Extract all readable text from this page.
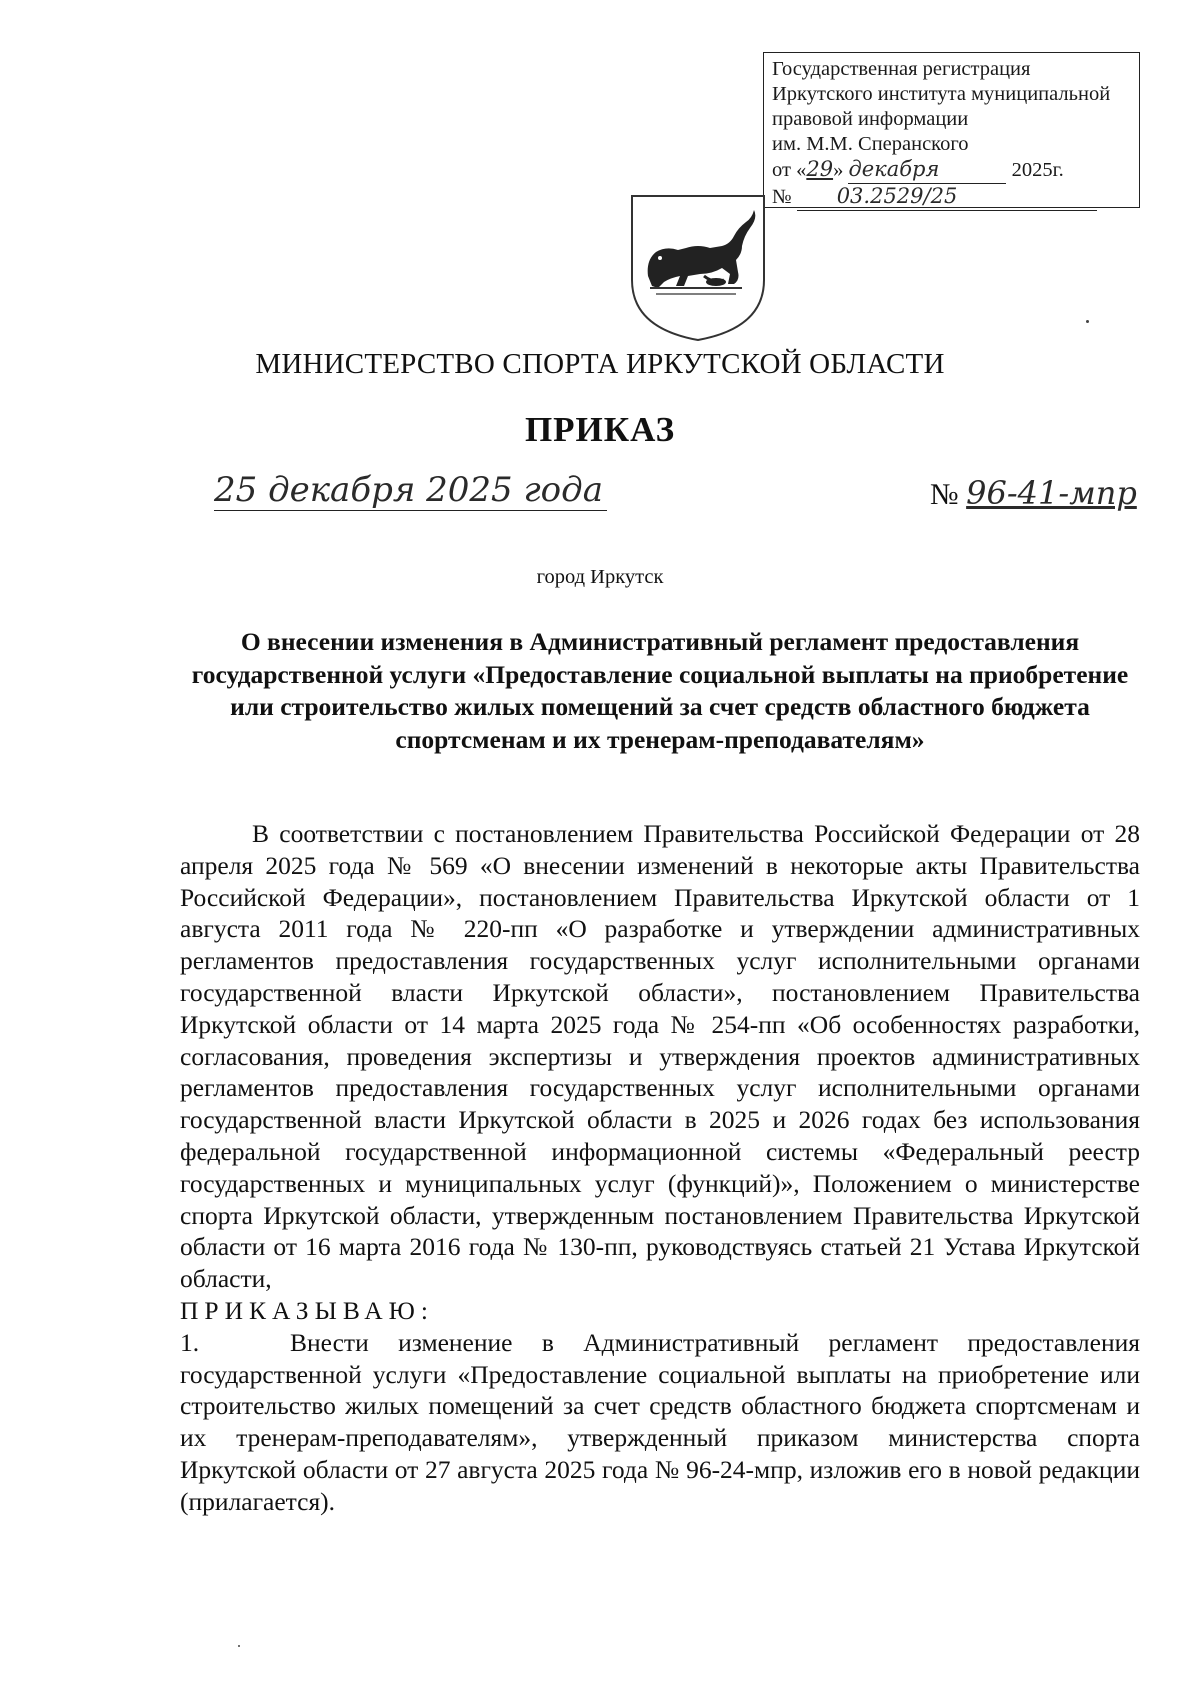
Государственная регистрация
Иркутского института муниципальной
правовой информации
им. М.М. Сперанского
от «29» декабря	2025г.
№ 03.2529/25
МИНИСТЕРСТВО СПОРТА ИРКУТСКОЙ ОБЛАСТИ
ПРИКАЗ
25 декабря 2025 года	№ 96-41-мпр
город Иркутск
О внесении изменения в Административный регламент предоставления государственной услуги «Предоставление социальной выплаты на приобретение или строительство жилых помещений за счет средств областного бюджета спортсменам и их тренерам-преподавателям»

В соответствии с постановлением Правительства Российской Федерации от 28 апреля 2025 года № 569 «О внесении изменений в некоторые акты Правительства Российской Федерации», постановлением Правительства Иркутской области от 1 августа 2011 года № 220-пп «О разработке и утверждении административных регламентов предоставления государственных услуг исполнительными органами государственной власти Иркутской области», постановлением Правительства Иркутской области от 14 марта 2025 года № 254-пп «Об особенностях разработки, согласования, проведения экспертизы и утверждения проектов административных регламентов предоставления государственных услуг исполнительными органами государственной власти Иркутской области в 2025 и 2026 годах без использования федеральной государственной информационной системы «Федеральный реестр государственных и муниципальных услуг (функций)», Положением о министерстве спорта Иркутской области, утвержденным постановлением Правительства Иркутской области от 16 марта 2016 года № 130-пп, руководствуясь статьей 21 Устава Иркутской области,

ПРИКАЗЫВАЮ:

1.	Внести изменение в Административный регламент предоставления государственной услуги «Предоставление социальной выплаты на приобретение или строительство жилых помещений за счет средств областного бюджета спортсменам и их тренерам-преподавателям», утвержденный приказом министерства спорта Иркутской области от 27 августа 2025 года № 96-24-мпр, изложив его в новой редакции (прилагается).
